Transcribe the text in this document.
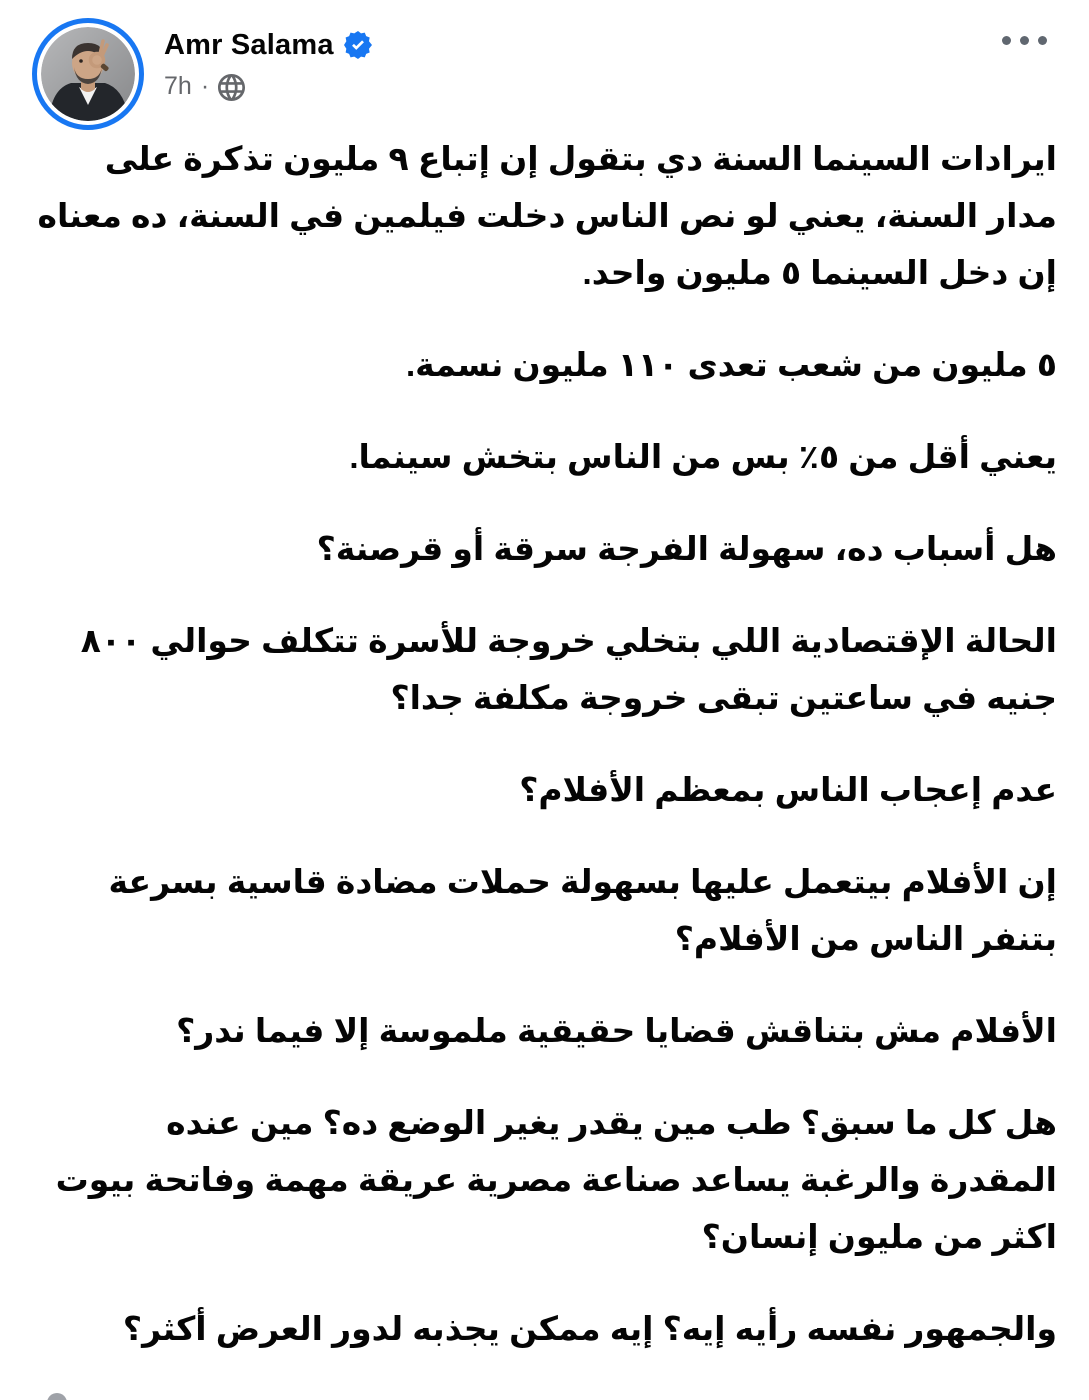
Amr Salama
7h ·

ايرادات السينما السنة دي بتقول إن إتباع ٩ مليون تذكرة على مدار السنة، يعني لو نص الناس دخلت فيلمين في السنة، ده معناه إن دخل السينما ٥ مليون واحد.

٥ مليون من شعب تعدى ١١٠ مليون نسمة.

يعني أقل من ٥٪ بس من الناس بتخش سينما.

هل أسباب ده، سهولة الفرجة سرقة أو قرصنة؟

الحالة الإقتصادية اللي بتخلي خروجة للأسرة تتكلف حوالي ٨٠٠ جنيه في ساعتين تبقى خروجة مكلفة جدا؟

عدم إعجاب الناس بمعظم الأفلام؟

إن الأفلام بيتعمل عليها بسهولة حملات مضادة قاسية بسرعة بتنفر الناس من الأفلام؟

الأفلام مش بتناقش قضايا حقيقية ملموسة إلا فيما ندر؟

هل كل ما سبق؟ طب مين يقدر يغير الوضع ده؟ مين عنده المقدرة والرغبة يساعد صناعة مصرية عريقة مهمة وفاتحة بيوت اكثر من مليون إنسان؟

والجمهور نفسه رأيه إيه؟ إيه ممكن يجذبه لدور العرض أكثر؟
